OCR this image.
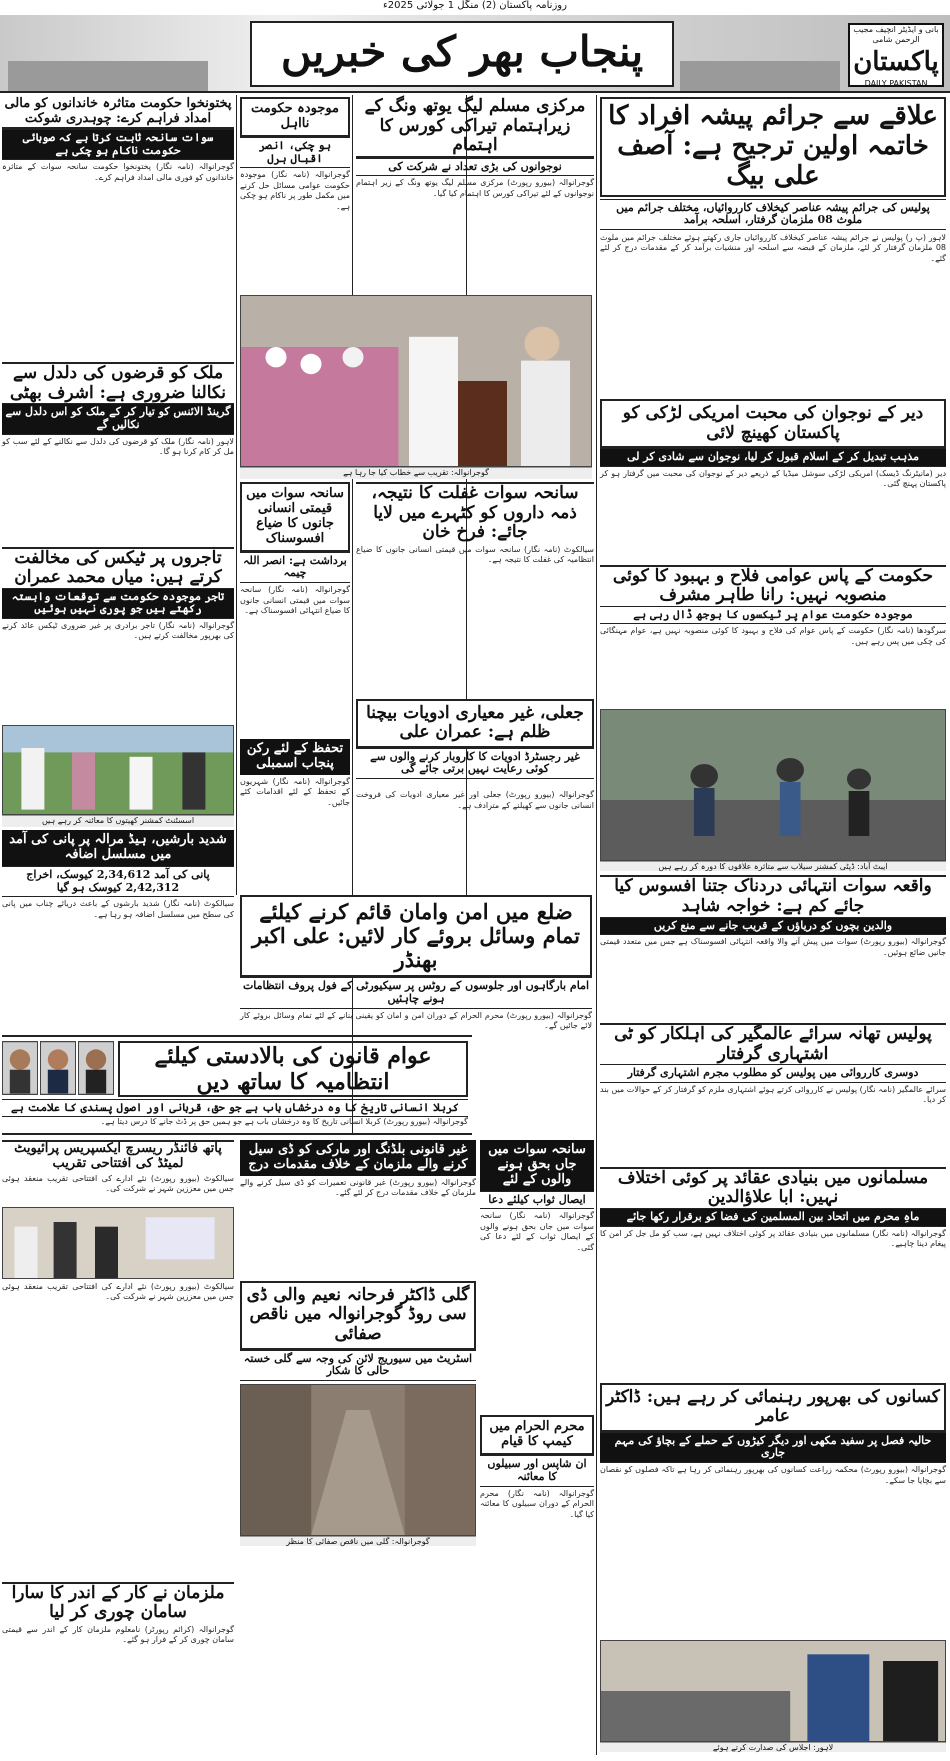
روزنامہ پاکستان (2) منگل 1 جولائی 2025ء
پنجاب بھر کی خبریں	بانی و ایڈیٹر انچیف مجیب الرحمن شامی
پاکستان
DAILY PAKISTAN
علاقے سے جرائم پیشہ افراد کا خاتمہ اولین ترجیح ہے: آصف علی بیگ
پولیس کی جرائم پیشہ عناصر کیخلاف کارروائیاں، مختلف جرائم میں ملوث 08 ملزمان گرفتار، اسلحہ برآمد
لاہور (پ ر) پولیس نے جرائم پیشہ عناصر کیخلاف کارروائیاں جاری رکھتے ہوئے مختلف جرائم میں ملوث 08 ملزمان گرفتار کر لئے، ملزمان کے قبضہ سے اسلحہ اور منشیات برآمد کر کے مقدمات درج کر لئے گئے۔
دیر کے نوجوان کی محبت امریکی لڑکی کو پاکستان کھینچ لائی
مذہب تبدیل کر کے اسلام قبول کر لیا، نوجوان سے شادی کر لی
دیر (مانیٹرنگ ڈیسک) امریکی لڑکی سوشل میڈیا کے ذریعے دیر کے نوجوان کی محبت میں گرفتار ہو کر پاکستان پہنچ گئی۔
حکومت کے پاس عوامی فلاح و بہبود کا کوئی منصوبہ نہیں: رانا طاہر مشرف
موجودہ حکومت عوام پر ٹیکسوں کا بوجھ ڈال رہی ہے
سرگودھا (نامہ نگار) حکومت کے پاس عوام کی فلاح و بہبود کا کوئی منصوبہ نہیں ہے، عوام مہنگائی کی چکی میں پس رہے ہیں۔
ایبٹ آباد: ڈپٹی کمشنر سیلاب سے متاثرہ علاقوں کا دورہ کر رہے ہیں
واقعہ سوات انتہائی دردناک جتنا افسوس کیا جائے کم ہے: خواجہ شاہد
والدین بچوں کو دریاؤں کے قریب جانے سے منع کریں
گوجرانوالہ (بیورو رپورٹ) سوات میں پیش آنے والا واقعہ انتہائی افسوسناک ہے جس میں متعدد قیمتی جانیں ضائع ہوئیں۔
پولیس تھانہ سرائے عالمگیر کی اہلکار کو ٹی اشتہاری گرفتار
دوسری کارروائی میں پولیس کو مطلوب مجرم اشتہاری گرفتار
سرائے عالمگیر (نامہ نگار) پولیس نے کارروائی کرتے ہوئے اشتہاری ملزم کو گرفتار کر کے حوالات میں بند کر دیا۔
مسلمانوں میں بنیادی عقائد پر کوئی اختلاف نہیں: ابا علاؤالدین
ماہِ محرم میں اتحاد بین المسلمین کی فضا کو برقرار رکھا جائے
گوجرانوالہ (نامہ نگار) مسلمانوں میں بنیادی عقائد پر کوئی اختلاف نہیں ہے، سب کو مل جل کر امن کا پیغام دینا چاہیے۔
کسانوں کی بھرپور رہنمائی کر رہے ہیں: ڈاکٹر عامر
حالیہ فصل پر سفید مکھی اور دیگر کیڑوں کے حملے کے بچاؤ کی مہم جاری
گوجرانوالہ (بیورو رپورٹ) محکمہ زراعت کسانوں کی بھرپور رہنمائی کر رہا ہے تاکہ فصلوں کو نقصان سے بچایا جا سکے۔
مرکزی مسلم لیگ یوتھ ونگ کے زیراہتمام تیراکی کورس کا اہتمام
نوجوانوں کی بڑی تعداد نے شرکت کی
گوجرانوالہ (بیورو رپورٹ) مرکزی مسلم لیگ یوتھ ونگ کے زیر اہتمام نوجوانوں کے لئے تیراکی کورس کا اہتمام کیا گیا۔
گوجرانوالہ: تقریب سے خطاب کیا جا رہا ہے
سانحہ سوات غفلت کا نتیجہ، ذمہ داروں کو کٹہرے میں لایا جائے: فرخ خان
سیالکوٹ (نامہ نگار) سانحہ سوات میں قیمتی انسانی جانوں کا ضیاع انتظامیہ کی غفلت کا نتیجہ ہے۔
جعلی، غیر معیاری ادویات بیچنا ظلم ہے: عمران علی
غیر رجسٹرڈ ادویات کا کاروبار کرنے والوں سے کوئی رعایت نہیں برتی جائے گی
گوجرانوالہ (بیورو رپورٹ) جعلی اور غیر معیاری ادویات کی فروخت انسانی جانوں سے کھیلنے کے مترادف ہے۔
موجودہ حکومت نااہل
ہو چکی، انصر اقبال ہرل
گوجرانوالہ (نامہ نگار) موجودہ حکومت عوامی مسائل حل کرنے میں مکمل طور پر ناکام ہو چکی ہے۔
سانحہ سوات میں قیمتی انسانی جانوں کا ضیاع افسوسناک
برداشت ہے: انصر اللہ چیمہ
گوجرانوالہ (نامہ نگار) سانحہ سوات میں قیمتی انسانی جانوں کا ضیاع انتہائی افسوسناک ہے۔
تحفظ کے لئے رکن پنجاب اسمبلی
گوجرانوالہ (نامہ نگار) شہریوں کے تحفظ کے لئے اقدامات کئے جائیں۔
پختونخوا حکومت متاثرہ خاندانوں کو مالی امداد فراہم کرے: چوہدری شوکت
سوات سانحہ ثابت کرتا ہے کہ صوبائی حکومت ناکام ہو چکی ہے
گوجرانوالہ (نامہ نگار) پختونخوا حکومت سانحہ سوات کے متاثرہ خاندانوں کو فوری مالی امداد فراہم کرے۔
ملک کو قرضوں کی دلدل سے نکالنا ضروری ہے: اشرف بھٹی
گرینڈ الائنس کو تیار کر کے ملک کو اس دلدل سے نکالیں گے
لاہور (نامہ نگار) ملک کو قرضوں کی دلدل سے نکالنے کے لئے سب کو مل کر کام کرنا ہو گا۔
تاجروں پر ٹیکس کی مخالفت کرتے ہیں: میاں محمد عمران
تاجر موجودہ حکومت سے توقعات وابستہ رکھتے ہیں جو پوری نہیں ہوئیں
گوجرانوالہ (نامہ نگار) تاجر برادری پر غیر ضروری ٹیکس عائد کرنے کی بھرپور مخالفت کرتے ہیں۔
اسسٹنٹ کمشنر کھیتوں کا معائنہ کر رہے ہیں
شدید بارشیں، ہیڈ مرالہ پر پانی کی آمد میں مسلسل اضافہ
پانی کی آمد 2,34,612 کیوسک، اخراج 2,42,312 کیوسک ہو گیا
سیالکوٹ (نامہ نگار) شدید بارشوں کے باعث دریائے چناب میں پانی کی سطح میں مسلسل اضافہ ہو رہا ہے۔	ضلع میں امن وامان قائم کرنے کیلئے تمام وسائل بروئے کار لائیں: علی اکبر بھنڈر
امام بارگاہوں اور جلوسوں کے روٹس پر سیکیورٹی کے فول پروف انتظامات ہونے چاہئیں
گوجرانوالہ (بیورو رپورٹ) محرم الحرام کے دوران امن و امان کو یقینی بنانے کے لئے تمام وسائل بروئے کار لائے جائیں گے۔
عوام قانون کی بالادستی کیلئے انتظامیہ کا ساتھ دیں
کربلا انسانی تاریخ کا وہ درخشاں باب ہے جو حق، قربانی اور اصول پسندی کا علامت ہے
گوجرانوالہ (بیورو رپورٹ) کربلا انسانی تاریخ کا وہ درخشاں باب ہے جو ہمیں حق پر ڈٹ جانے کا درس دیتا ہے۔
پاتھ فائنڈر ریسرچ ایکسپریس پرائیویٹ لمیٹڈ کی افتتاحی تقریب
سیالکوٹ (بیورو رپورٹ) نئے ادارے کی افتتاحی تقریب منعقد ہوئی جس میں معززین شہر نے شرکت کی۔
سیالکوٹ (بیورو رپورٹ) نئے ادارے کی افتتاحی تقریب منعقد ہوئی جس میں معززین شہر نے شرکت کی۔
ملزمان نے کار کے اندر کا سارا سامان چوری کر لیا
گوجرانوالہ (کرائم رپورٹر) نامعلوم ملزمان کار کے اندر سے قیمتی سامان چوری کر کے فرار ہو گئے۔
غیر قانونی بلڈنگ اور مارکی کو ڈی سیل کرنے والے ملزمان کے خلاف مقدمات درج
گوجرانوالہ (بیورو رپورٹ) غیر قانونی تعمیرات کو ڈی سیل کرنے والے ملزمان کے خلاف مقدمات درج کر لئے گئے۔
گلی ڈاکٹر فرحانہ نعیم والی ڈی سی روڈ گوجرانوالہ میں ناقص صفائی
اسٹریٹ میں سیوریج لائن کی وجہ سے گلی خستہ حالی کا شکار
گوجرانوالہ: گلی میں ناقص صفائی کا منظر
سانحہ سوات میں جاں بحق ہونے والوں کے لئے
ایصال ثواب کیلئے دعا
گوجرانوالہ (نامہ نگار) سانحہ سوات میں جاں بحق ہونے والوں کے ایصال ثواب کے لئے دعا کی گئی۔
محرم الحرام میں کیمپ کا قیام
ان شاپس اور سبیلوں کا معائنہ
گوجرانوالہ (نامہ نگار) محرم الحرام کے دوران سبیلوں کا معائنہ کیا گیا۔
لاہور: اجلاس کی صدارت کرتے ہوئے
